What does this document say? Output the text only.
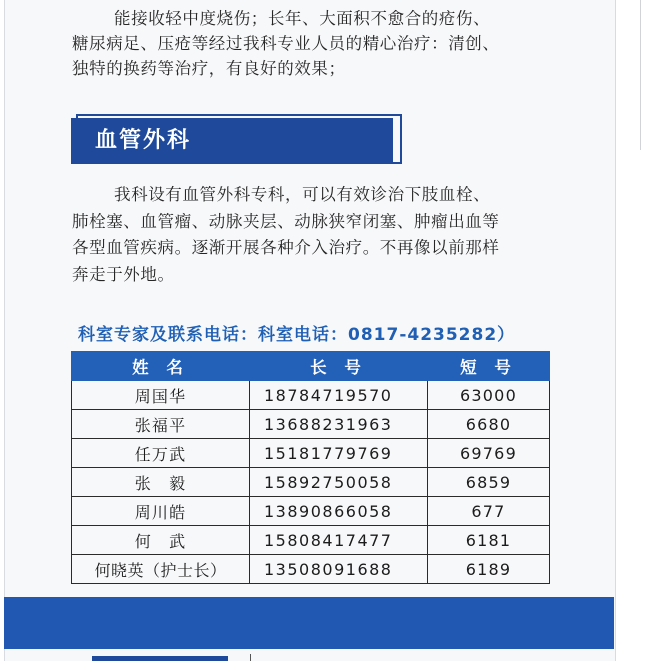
能接收轻中度烧伤；长年、大面积不愈合的疮伤、
糖尿病足、压疮等经过我科专业人员的精心治疗：清创、
独特的换药等治疗，有良好的效果；

血管外科

我科设有血管外科专科，可以有效诊治下肢血栓、
肺栓塞、血管瘤、动脉夹层、动脉狭窄闭塞、肿瘤出血等
各型血管疾病。逐渐开展各种介入治疗。不再像以前那样
奔走于外地。

科室专家及联系电话：科室电话：0817-4235282）
姓 名	长 号	短 号
周国华	18784719570	63000
张福平	13688231963	6680
任万武	15181779769	69769
张　毅	15892750058	6859
周川皓	13890866058	677
何　武	15808417477	6181
何晓英（护士长）	13508091688	6189
